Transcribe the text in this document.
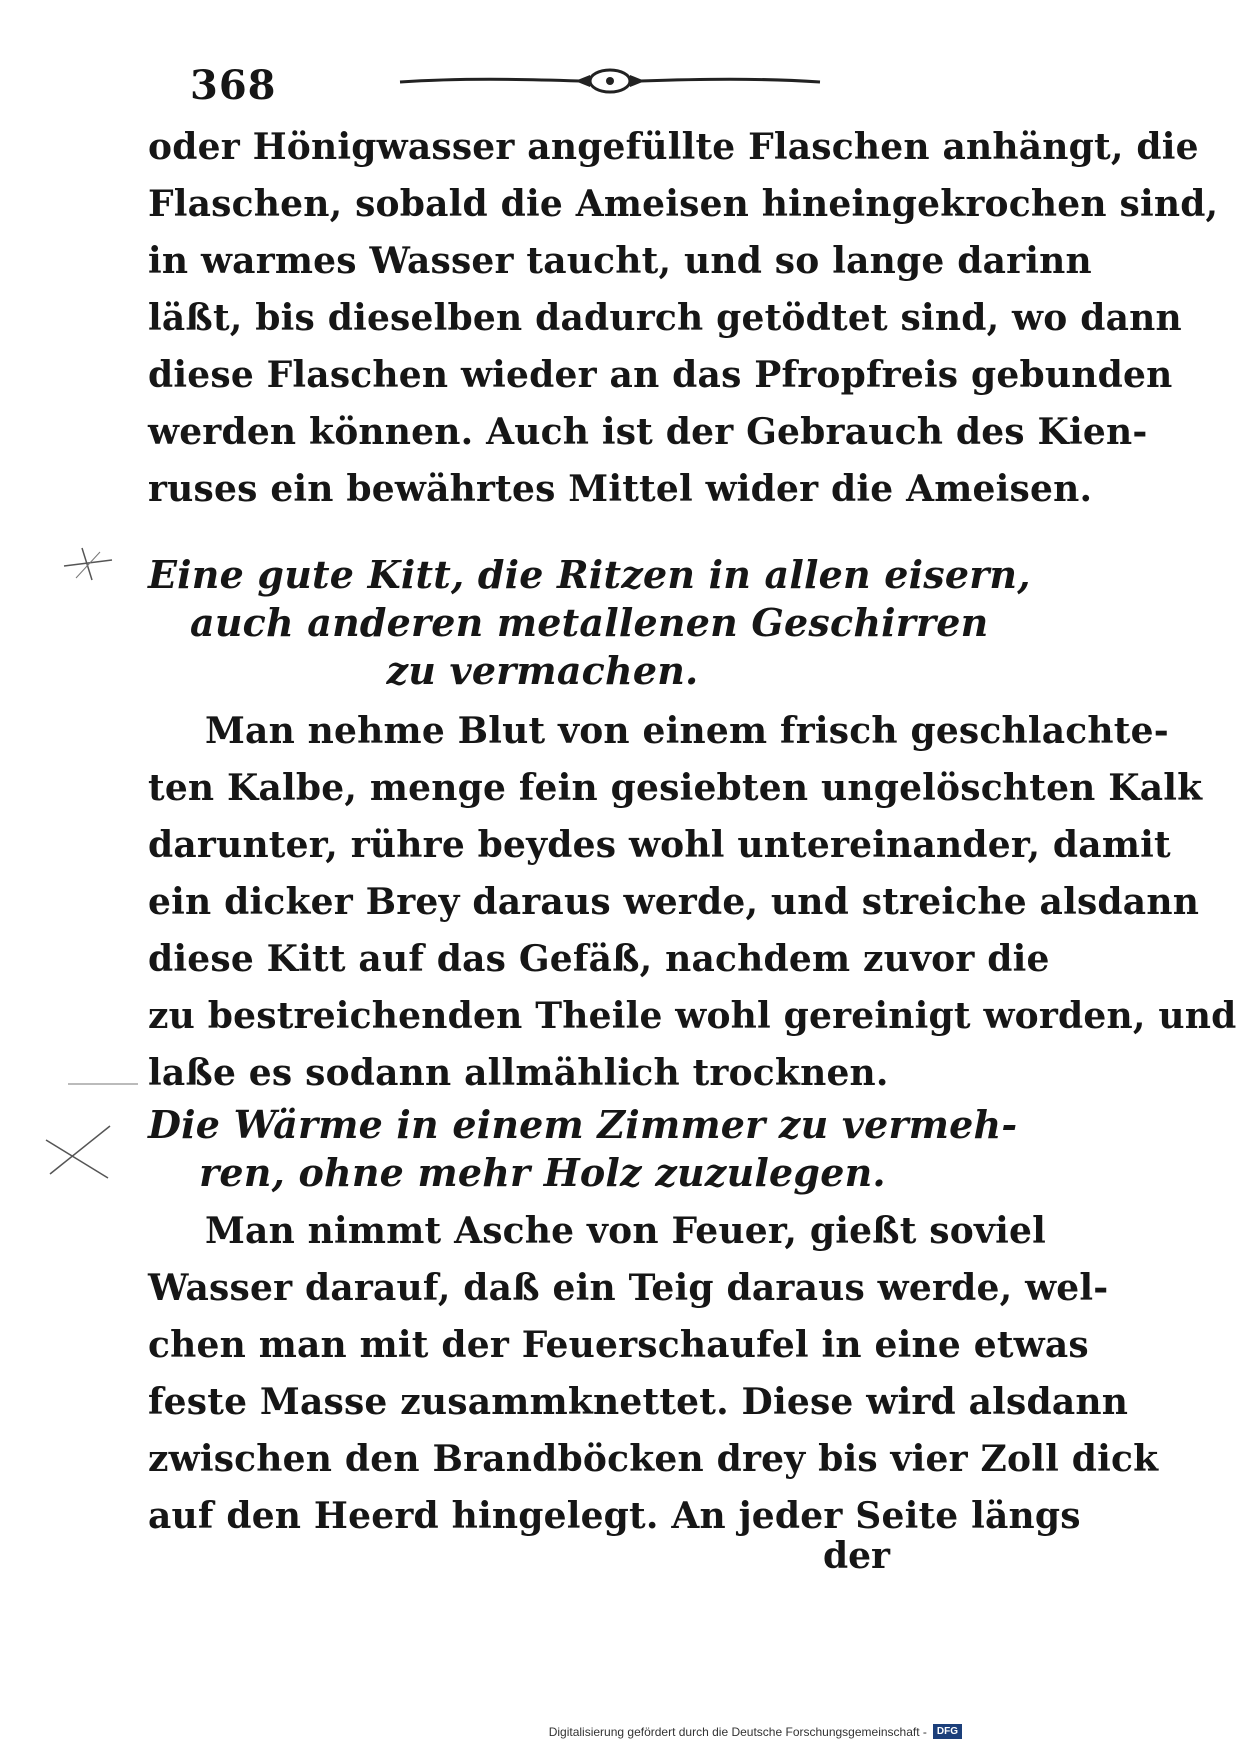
368
oder Hönigwasser angefüllte Flaschen anhängt, die
Flaschen, sobald die Ameisen hineingekrochen sind,
in warmes Wasser taucht, und so lange darinn
läßt, bis dieselben dadurch getödtet sind, wo dann
diese Flaschen wieder an das Pfropfreis gebunden
werden können. Auch ist der Gebrauch des Kien-
ruses ein bewährtes Mittel wider die Ameisen.
Eine gute Kitt, die Ritzen in allen eisern,
auch anderen metallenen Geschirren
zu vermachen.
Man nehme Blut von einem frisch geschlachte-
ten Kalbe, menge fein gesiebten ungelöschten Kalk
darunter, rühre beydes wohl untereinander, damit
ein dicker Brey daraus werde, und streiche alsdann
diese Kitt auf das Gefäß, nachdem zuvor die
zu bestreichenden Theile wohl gereinigt worden, und
laße es sodann allmählich trocknen.
Die Wärme in einem Zimmer zu vermeh-
ren, ohne mehr Holz zuzulegen.
Man nimmt Asche von Feuer, gießt soviel
Wasser darauf, daß ein Teig daraus werde, wel-
chen man mit der Feuerschaufel in eine etwas
feste Masse zusammknettet. Diese wird alsdann
zwischen den Brandböcken drey bis vier Zoll dick
auf den Heerd hingelegt. An jeder Seite längs
der
Digitalisierung gefördert durch die Deutsche Forschungsgemeinschaft -	DFG
